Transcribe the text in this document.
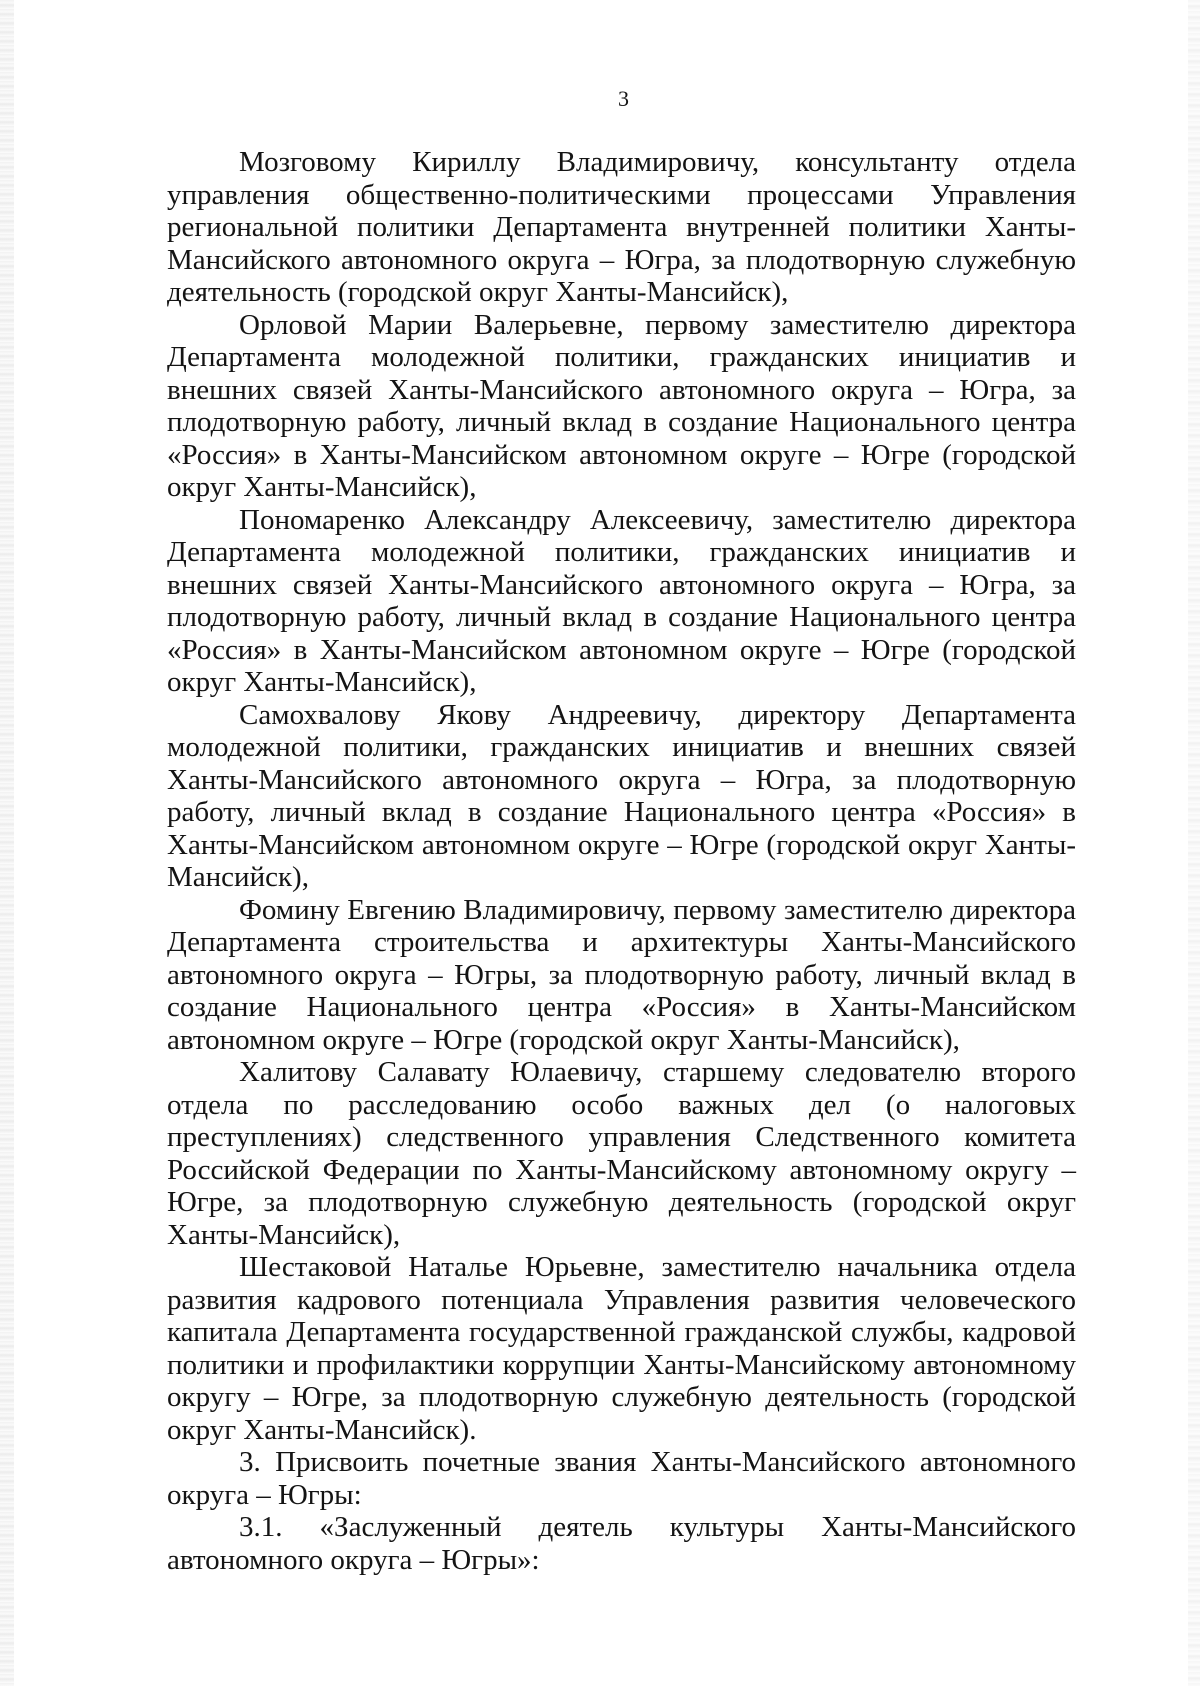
3

Мозговому Кириллу Владимировичу, консультанту отдела управления общественно-политическими процессами Управления региональной политики Департамента внутренней политики Ханты-Мансийского автономного округа – Югра, за плодотворную служебную деятельность (городской округ Ханты-Мансийск),

Орловой Марии Валерьевне, первому заместителю директора Департамента молодежной политики, гражданских инициатив и внешних связей Ханты-Мансийского автономного округа – Югра, за плодотворную работу, личный вклад в создание Национального центра «Россия» в Ханты-Мансийском автономном округе – Югре (городской округ Ханты-Мансийск),

Пономаренко Александру Алексеевичу, заместителю директора Департамента молодежной политики, гражданских инициатив и внешних связей Ханты-Мансийского автономного округа – Югра, за плодотворную работу, личный вклад в создание Национального центра «Россия» в Ханты-Мансийском автономном округе – Югре (городской округ Ханты-Мансийск),

Самохвалову Якову Андреевичу, директору Департамента молодежной политики, гражданских инициатив и внешних связей Ханты-Мансийского автономного округа – Югра, за плодотворную работу, личный вклад в создание Национального центра «Россия» в Ханты-Мансийском автономном округе – Югре (городской округ Ханты-Мансийск),

Фомину Евгению Владимировичу, первому заместителю директора Департамента строительства и архитектуры Ханты-Мансийского автономного округа – Югры, за плодотворную работу, личный вклад в создание Национального центра «Россия» в Ханты-Мансийском автономном округе – Югре (городской округ Ханты-Мансийск),

Халитову Салавату Юлаевичу, старшему следователю второго отдела по расследованию особо важных дел (о налоговых преступлениях) следственного управления Следственного комитета Российской Федерации по Ханты-Мансийскому автономному округу – Югре, за плодотворную служебную деятельность (городской округ Ханты-Мансийск),

Шестаковой Наталье Юрьевне, заместителю начальника отдела развития кадрового потенциала Управления развития человеческого капитала Департамента государственной гражданской службы, кадровой политики и профилактики коррупции Ханты-Мансийскому автономному округу – Югре, за плодотворную служебную деятельность (городской округ Ханты-Мансийск).

3. Присвоить почетные звания Ханты-Мансийского автономного округа – Югры:

3.1. «Заслуженный деятель культуры Ханты-Мансийского автономного округа – Югры»:
